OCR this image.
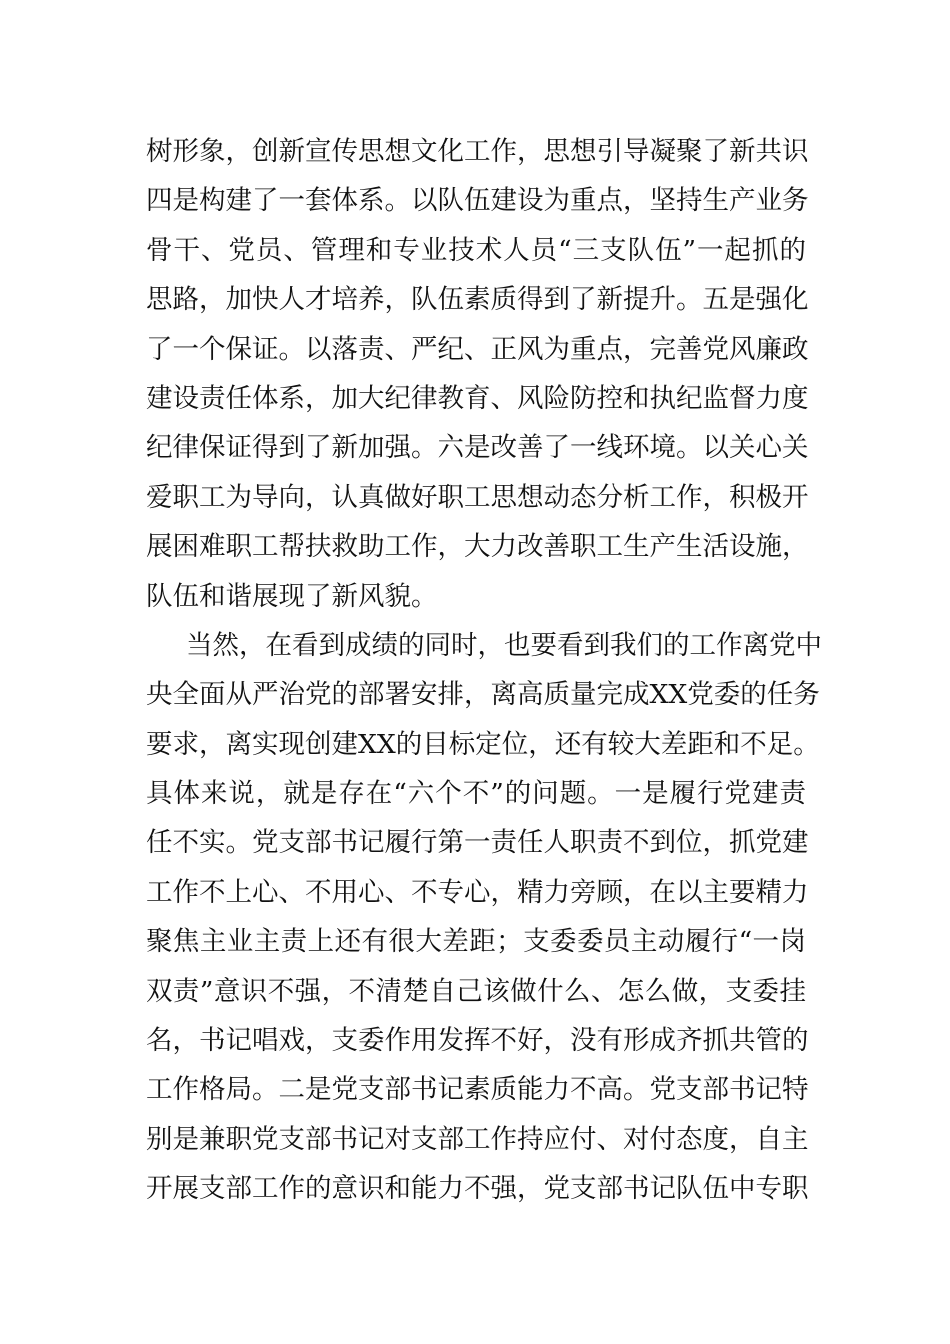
树形象，创新宣传思想文化工作，思想引导凝聚了新共识
四是构建了一套体系。以队伍建设为重点，坚持生产业务
骨干、党员、管理和专业技术人员“三支队伍”一起抓的
思路，加快人才培养，队伍素质得到了新提升。五是强化
了一个保证。以落责、严纪、正风为重点，完善党风廉政
建设责任体系，加大纪律教育、风险防控和执纪监督力度
纪律保证得到了新加强。六是改善了一线环境。以关心关
爱职工为导向，认真做好职工思想动态分析工作，积极开
展困难职工帮扶救助工作，大力改善职工生产生活设施，
队伍和谐展现了新风貌。
当然，在看到成绩的同时，也要看到我们的工作离党中
央全面从严治党的部署安排，离高质量完成XX党委的任务
要求，离实现创建XX的目标定位，还有较大差距和不足。
具体来说，就是存在“六个不”的问题。一是履行党建责
任不实。党支部书记履行第一责任人职责不到位，抓党建
工作不上心、不用心、不专心，精力旁顾，在以主要精力
聚焦主业主责上还有很大差距；支委委员主动履行“一岗
双责”意识不强，不清楚自己该做什么、怎么做，支委挂
名，书记唱戏，支委作用发挥不好，没有形成齐抓共管的
工作格局。二是党支部书记素质能力不高。党支部书记特
别是兼职党支部书记对支部工作持应付、对付态度，自主
开展支部工作的意识和能力不强，党支部书记队伍中专职
